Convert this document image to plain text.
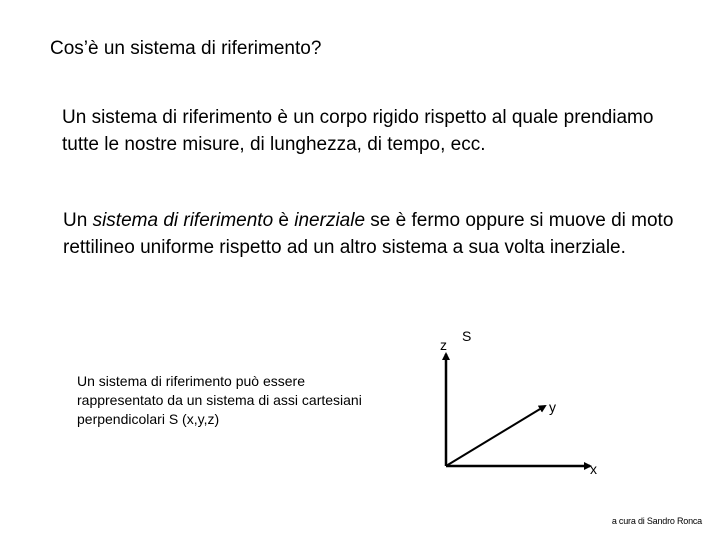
Cos’è un sistema di riferimento?
Un sistema di riferimento è un corpo rigido rispetto al quale prendiamo tutte le nostre misure, di lunghezza, di tempo, ecc.
Un sistema di riferimento è inerziale se è fermo oppure si muove di moto rettilineo uniforme rispetto ad un altro sistema a sua volta inerziale.
Un sistema di riferimento può essere rappresentato da un sistema di assi cartesiani perpendicolari S (x,y,z)
z
S
y
x
a cura di Sandro Ronca
